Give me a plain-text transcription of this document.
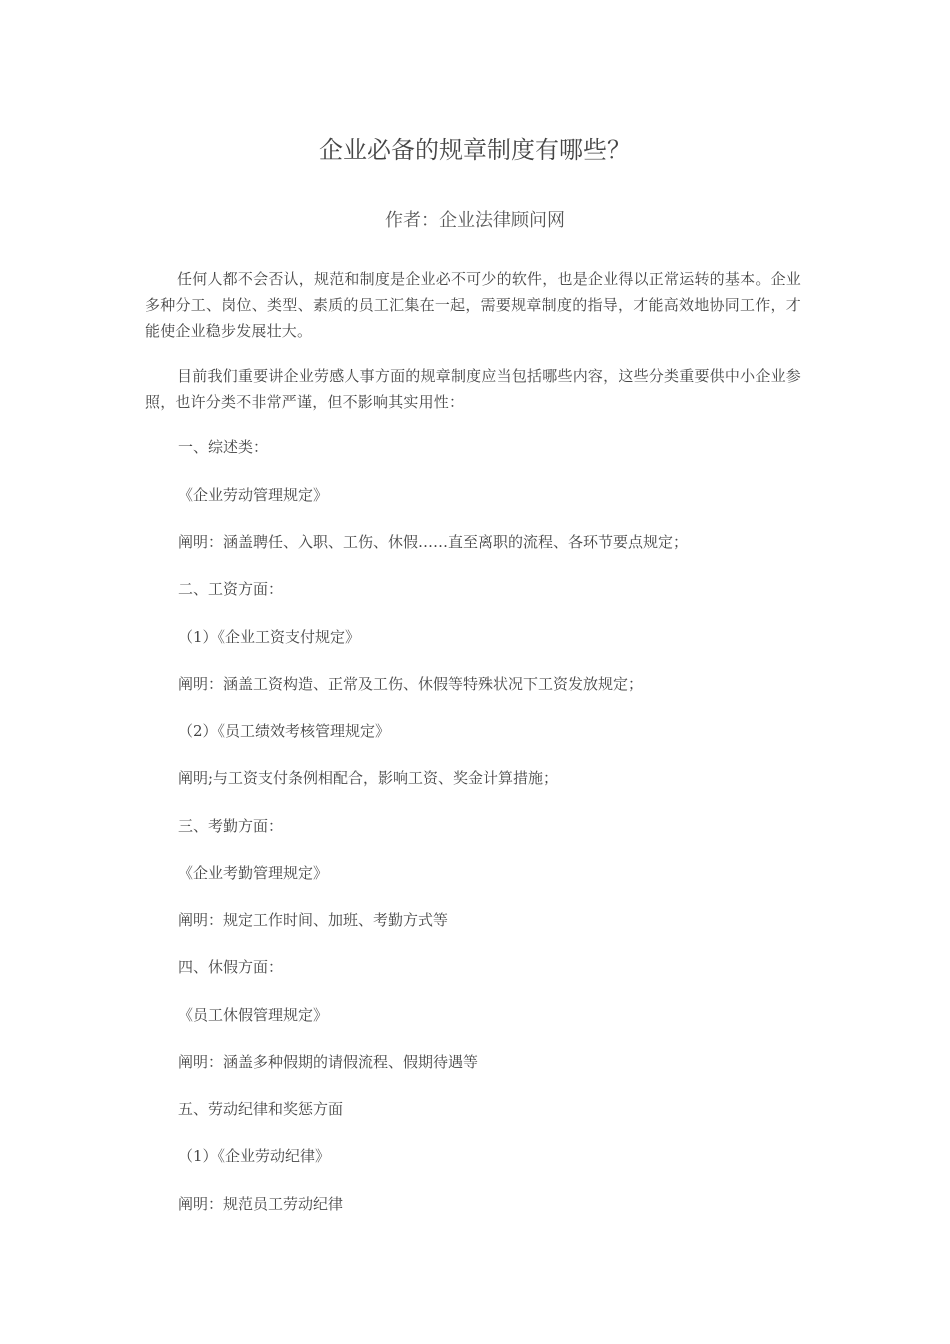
企业必备的规章制度有哪些？

作者：企业法律顾问网

任何人都不会否认，规范和制度是企业必不可少的软件，也是企业得以正常运转的基本。企业多种分工、岗位、类型、素质的员工汇集在一起，需要规章制度的指导，才能高效地协同工作，才能使企业稳步发展壮大。

目前我们重要讲企业劳感人事方面的规章制度应当包括哪些内容，这些分类重要供中小企业参照，也许分类不非常严谨，但不影响其实用性：

一、综述类：

《企业劳动管理规定》

阐明：涵盖聘任、入职、工伤、休假……直至离职的流程、各环节要点规定；

二、工资方面：

（1）《企业工资支付规定》

阐明：涵盖工资构造、正常及工伤、休假等特殊状况下工资发放规定；

（2）《员工绩效考核管理规定》

阐明;与工资支付条例相配合，影响工资、奖金计算措施；

三、考勤方面：

《企业考勤管理规定》

阐明：规定工作时间、加班、考勤方式等

四、休假方面：

《员工休假管理规定》

阐明：涵盖多种假期的请假流程、假期待遇等

五、劳动纪律和奖惩方面

（1）《企业劳动纪律》

阐明：规范员工劳动纪律
